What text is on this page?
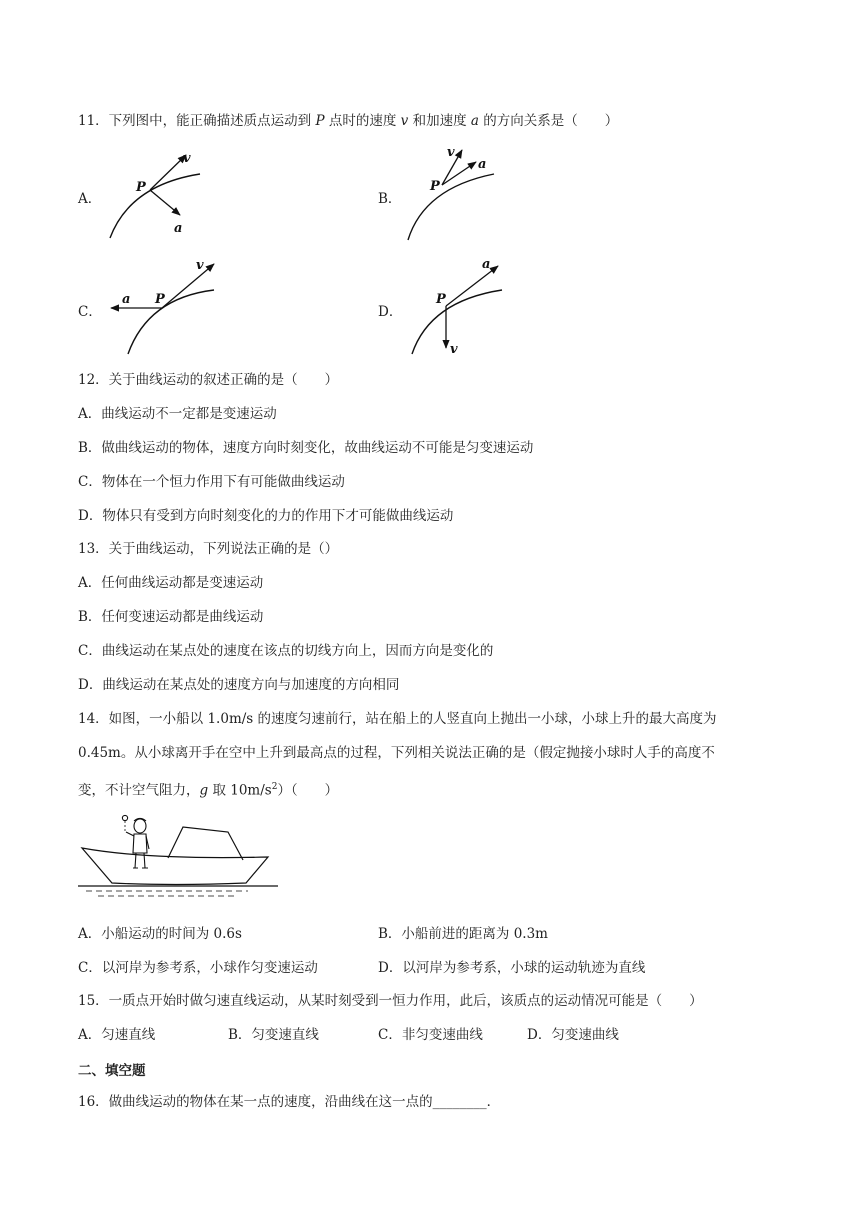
11．下列图中，能正确描述质点运动到 P 点时的速度 v 和加速度 a 的方向关系是（　　）
A．	B．
C．	D．
P
v
a
P
v
a
P
v
a	P
a
v
12．关于曲线运动的叙述正确的是（　　）
A．曲线运动不一定都是变速运动
B．做曲线运动的物体，速度方向时刻变化，故曲线运动不可能是匀变速运动
C．物体在一个恒力作用下有可能做曲线运动
D．物体只有受到方向时刻变化的力的作用下才可能做曲线运动
13．关于曲线运动，下列说法正确的是（）
A．任何曲线运动都是变速运动
B．任何变速运动都是曲线运动
C．曲线运动在某点处的速度在该点的切线方向上，因而方向是变化的
D．曲线运动在某点处的速度方向与加速度的方向相同
14．如图，一小船以 1.0m/s 的速度匀速前行，站在船上的人竖直向上抛出一小球，小球上升的最大高度为
0.45m。从小球离开手在空中上升到最高点的过程，下列相关说法正确的是（假定抛接小球时人手的高度不
变，不计空气阻力，g 取 $10m/s^2$）（　　）
A．小船运动的时间为 0.6s	B．小船前进的距离为 0.3m
C．以河岸为参考系，小球作匀变速运动	D．以河岸为参考系，小球的运动轨迹为直线
15．一质点开始时做匀速直线运动，从某时刻受到一恒力作用，此后，该质点的运动情况可能是（　　）
A．匀速直线	B．匀变速直线	C．非匀变速曲线	D．匀变速曲线
二、填空题
16．做曲线运动的物体在某一点的速度，沿曲线在这一点的________．
